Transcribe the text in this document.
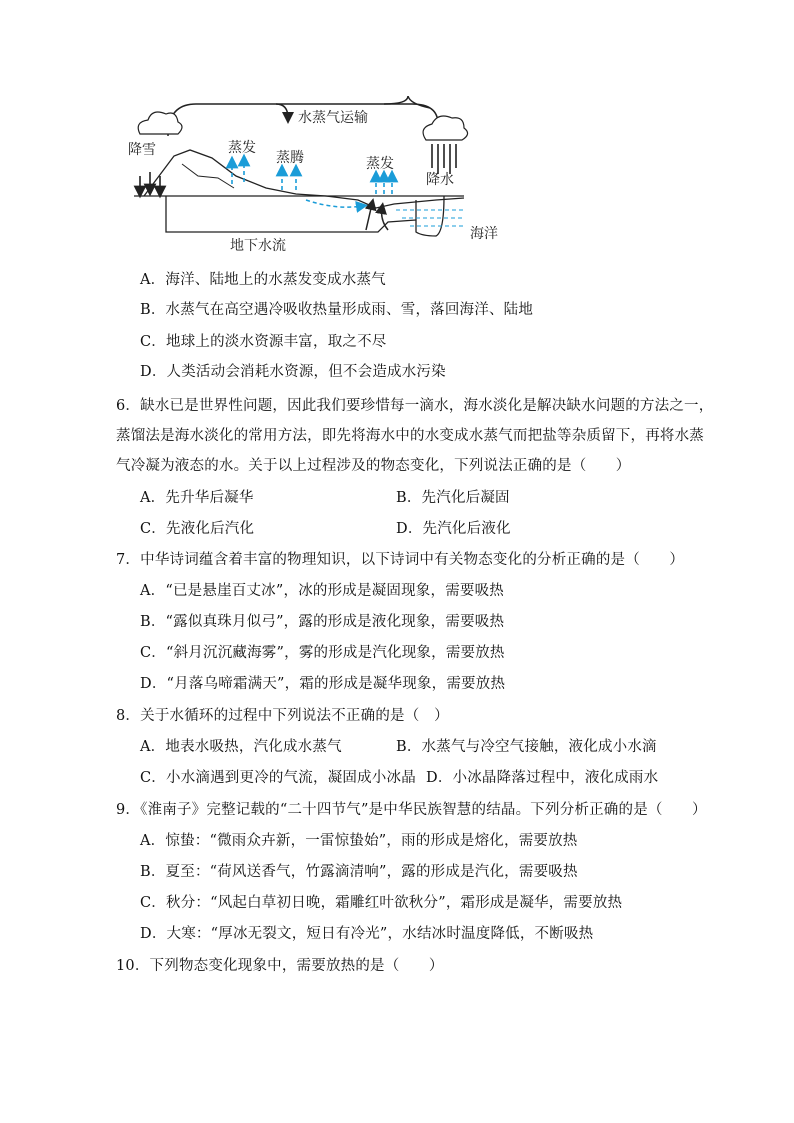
水蒸气运输
降雪	蒸发
蒸腾	蒸发
降水
地下水流
海洋
A．海洋、陆地上的水蒸发变成水蒸气
B．水蒸气在高空遇冷吸收热量形成雨、雪，落回海洋、陆地
C．地球上的淡水资源丰富，取之不尽
D．人类活动会消耗水资源，但不会造成水污染
6．缺水已是世界性问题，因此我们要珍惜每一滴水，海水淡化是解决缺水问题的方法之一，
蒸馏法是海水淡化的常用方法，即先将海水中的水变成水蒸气而把盐等杂质留下，再将水蒸
气冷凝为液态的水。关于以上过程涉及的物态变化，下列说法正确的是（　　）
A．先升华后凝华	B．先汽化后凝固
C．先液化后汽化	D．先汽化后液化
7．中华诗词蕴含着丰富的物理知识，以下诗词中有关物态变化的分析正确的是（　　）
A．“已是悬崖百丈冰”，冰的形成是凝固现象，需要吸热
B．“露似真珠月似弓”，露的形成是液化现象，需要吸热
C．“斜月沉沉藏海雾”，雾的形成是汽化现象，需要放热
D．“月落乌啼霜满天”，霜的形成是凝华现象，需要放热
8．关于水循环的过程中下列说法不正确的是（　）
A．地表水吸热，汽化成水蒸气	B．水蒸气与冷空气接触，液化成小水滴
C．小水滴遇到更冷的气流，凝固成小冰晶 D．小冰晶降落过程中，液化成雨水
9．《淮南子》完整记载的“二十四节气”是中华民族智慧的结晶。下列分析正确的是（　　）
A．惊蛰：“微雨众卉新，一雷惊蛰始”，雨的形成是熔化，需要放热
B．夏至：“荷风送香气，竹露滴清响”，露的形成是汽化，需要吸热
C．秋分：“风起白草初日晚，霜雕红叶欲秋分”，霜形成是凝华，需要放热
D．大寒：“厚冰无裂文，短日有冷光”，水结冰时温度降低，不断吸热
10．下列物态变化现象中，需要放热的是（　　）
